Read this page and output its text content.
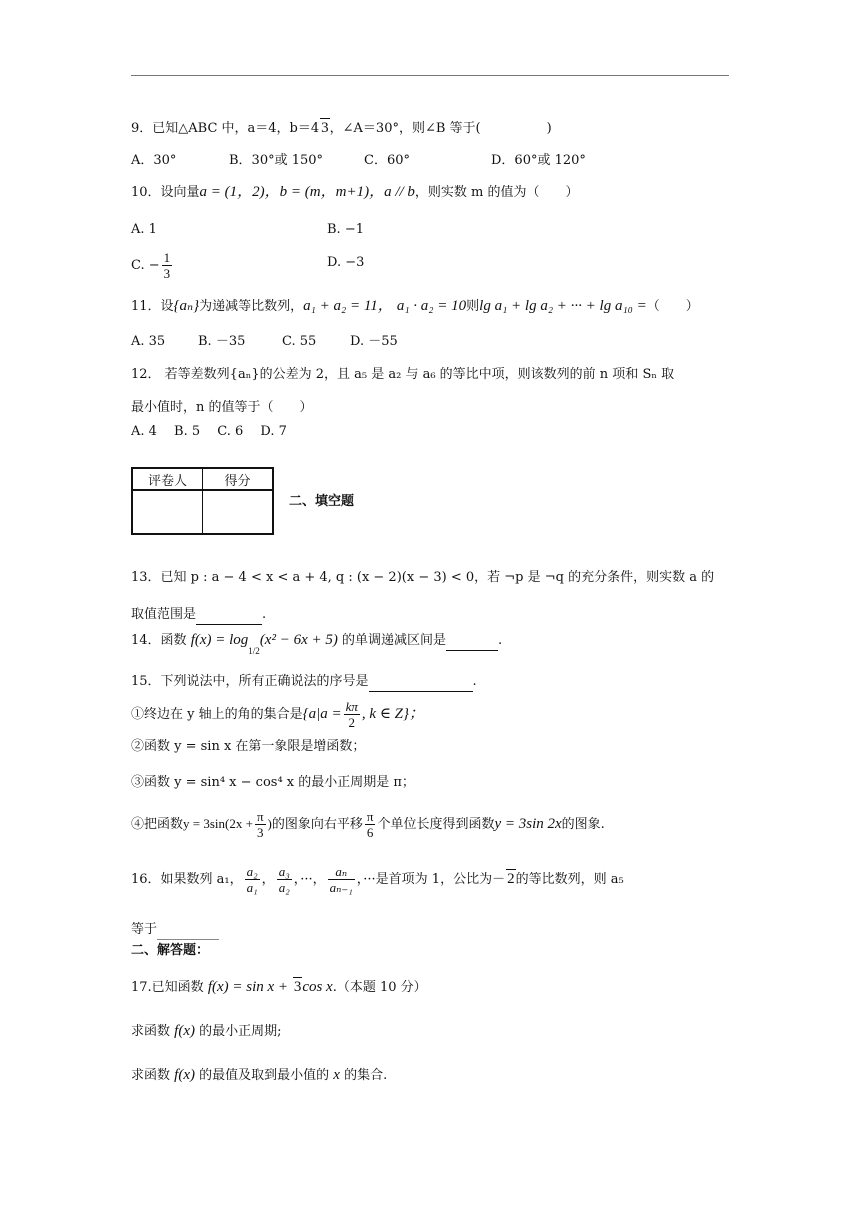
9．已知△ABC 中，a＝4，b＝4 3，∠A＝30°，则∠B 等于(	)
A．30°	B．30°或 150°	C．60°	D．60°或 120°
10．设向量a = (1，2)，b = (m，m+1)，a // b，则实数 m 的值为（　　）
A. 1	B. −1
C. − $\frac{1}{3}$	D. −3
11．设{aₙ}为递减等比数列，a₁ + a₂ = 11， a₁ · a₂ = 10则lg a₁ + lg a₂ + ··· + lg a₁₀ =（　　）
A. 35	B. －35	C. 55	D. －55
12． 若等差数列{aₙ}的公差为 2，且 a₅ 是 a₂ 与 a₆ 的等比中项，则该数列的前 n 项和 Sₙ 取
最小值时，n 的值等于（　　）
A. 4　 B. 5　 C. 6　 D. 7
评卷人	得分

二、填空题
13．已知 p : a − 4 < x < a + 4, q : (x − 2)(x − 3) < 0，若 ¬p 是 ¬q 的充分条件，则实数 a 的
取值范围是	.
14．函数 $f(x) = \log_{1/2}(x^2 - 6x + 5)$ 的单调递减区间是	.
15．下列说法中，所有正确说法的序号是	.
①终边在 y 轴上的角的集合是{$a|a = \frac{k\pi}{2}$ , k ∈ Z}；
②函数 y = sin x 在第一象限是增函数；
③函数 y = sin⁴ x − cos⁴ x 的最小正周期是 π；
④把函数$y = 3\sin(2x + \frac{\pi}{3}$ )的图象向右平移 $\frac{\pi}{6}$ 个单位长度得到函数y = 3sin 2x的图象.
16．如果数列 a₁， $\frac{\text{a₂}}{\text{a₁}}$ ， $\frac{\text{a₃}}{\text{a₂}}$ ，···， $\frac{\text{aₙ}}{\text{aₙ₋₁}}$ ，···是首项为 1，公比为－ 2的等比数列，则 a₅
等于
二、解答题：
17.已知函数 f(x) = sin x + 3cos x.（本题 10 分）
求函数 f(x) 的最小正周期;
求函数 f(x) 的最值及取到最小值的 x 的集合.
